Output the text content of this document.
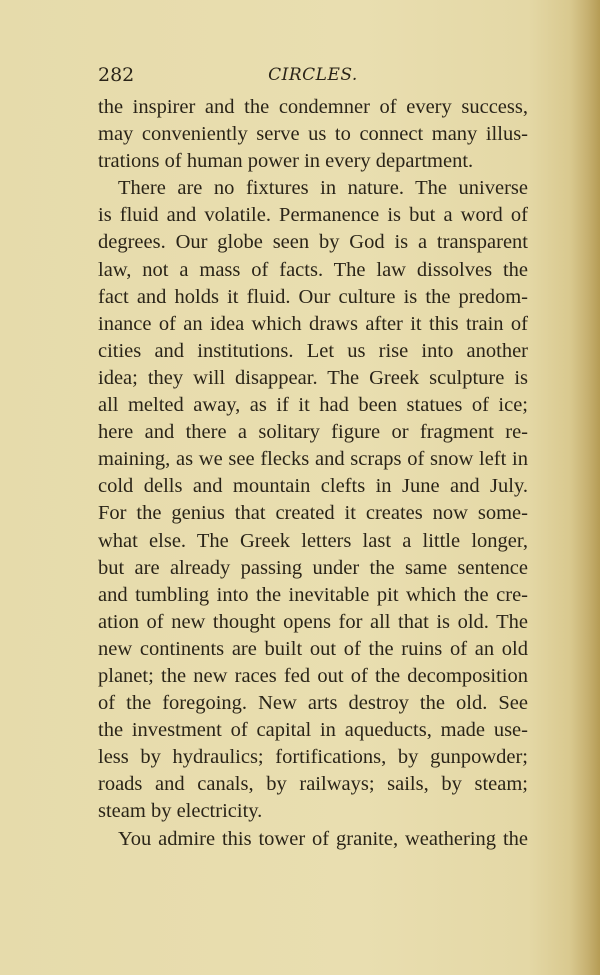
282	CIRCLES.
the inspirer and the condemner of every success,
may conveniently serve us to connect many illus-
trations of human power in every department.
There are no fixtures in nature. The universe
is fluid and volatile. Permanence is but a word of
degrees. Our globe seen by God is a transparent
law, not a mass of facts. The law dissolves the
fact and holds it fluid. Our culture is the predom-
inance of an idea which draws after it this train of
cities and institutions. Let us rise into another
idea; they will disappear. The Greek sculpture is
all melted away, as if it had been statues of ice;
here and there a solitary figure or fragment re-
maining, as we see flecks and scraps of snow left in
cold dells and mountain clefts in June and July.
For the genius that created it creates now some-
what else. The Greek letters last a little longer,
but are already passing under the same sentence
and tumbling into the inevitable pit which the cre-
ation of new thought opens for all that is old. The
new continents are built out of the ruins of an old
planet; the new races fed out of the decomposition
of the foregoing. New arts destroy the old. See
the investment of capital in aqueducts, made use-
less by hydraulics; fortifications, by gunpowder;
roads and canals, by railways; sails, by steam;
steam by electricity.
You admire this tower of granite, weathering the
